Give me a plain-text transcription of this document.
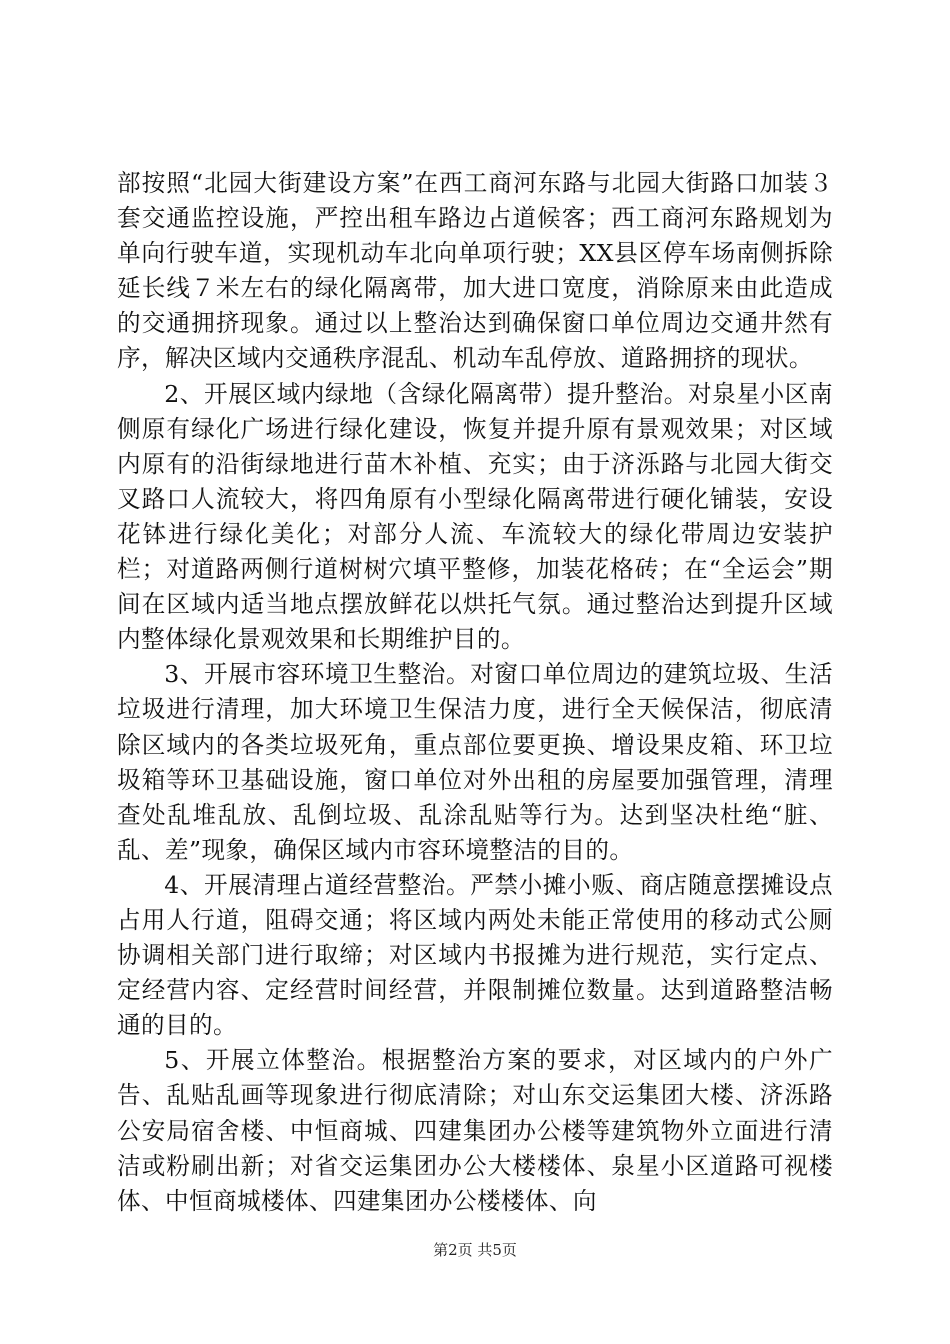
部按照“北园大街建设方案”在西工商河东路与北园大街路口加装３套交通监控设施，严控出租车路边占道候客；西工商河东路规划为单向行驶车道，实现机动车北向单项行驶；XX县区停车场南侧拆除延长线７米左右的绿化隔离带，加大进口宽度，消除原来由此造成的交通拥挤现象。通过以上整治达到确保窗口单位周边交通井然有序，解决区域内交通秩序混乱、机动车乱停放、道路拥挤的现状。

2、开展区域内绿地（含绿化隔离带）提升整治。对泉星小区南侧原有绿化广场进行绿化建设，恢复并提升原有景观效果；对区域内原有的沿街绿地进行苗木补植、充实；由于济泺路与北园大街交叉路口人流较大，将四角原有小型绿化隔离带进行硬化铺装，安设花钵进行绿化美化；对部分人流、车流较大的绿化带周边安装护栏；对道路两侧行道树树穴填平整修，加装花格砖；在“全运会”期间在区域内适当地点摆放鲜花以烘托气氛。通过整治达到提升区域内整体绿化景观效果和长期维护目的。

3、开展市容环境卫生整治。对窗口单位周边的建筑垃圾、生活垃圾进行清理，加大环境卫生保洁力度，进行全天候保洁，彻底清除区域内的各类垃圾死角，重点部位要更换、增设果皮箱、环卫垃圾箱等环卫基础设施，窗口单位对外出租的房屋要加强管理，清理查处乱堆乱放、乱倒垃圾、乱涂乱贴等行为。达到坚决杜绝“脏、乱、差”现象，确保区域内市容环境整洁的目的。

4、开展清理占道经营整治。严禁小摊小贩、商店随意摆摊设点占用人行道，阻碍交通；将区域内两处未能正常使用的移动式公厕协调相关部门进行取缔；对区域内书报摊为进行规范，实行定点、定经营内容、定经营时间经营，并限制摊位数量。达到道路整洁畅通的目的。

5、开展立体整治。根据整治方案的要求，对区域内的户外广告、乱贴乱画等现象进行彻底清除；对山东交运集团大楼、济泺路公安局宿舍楼、中恒商城、四建集团办公楼等建筑物外立面进行清洁或粉刷出新；对省交运集团办公大楼楼体、泉星小区道路可视楼体、中恒商城楼体、四建集团办公楼楼体、向

第2页 共5页
